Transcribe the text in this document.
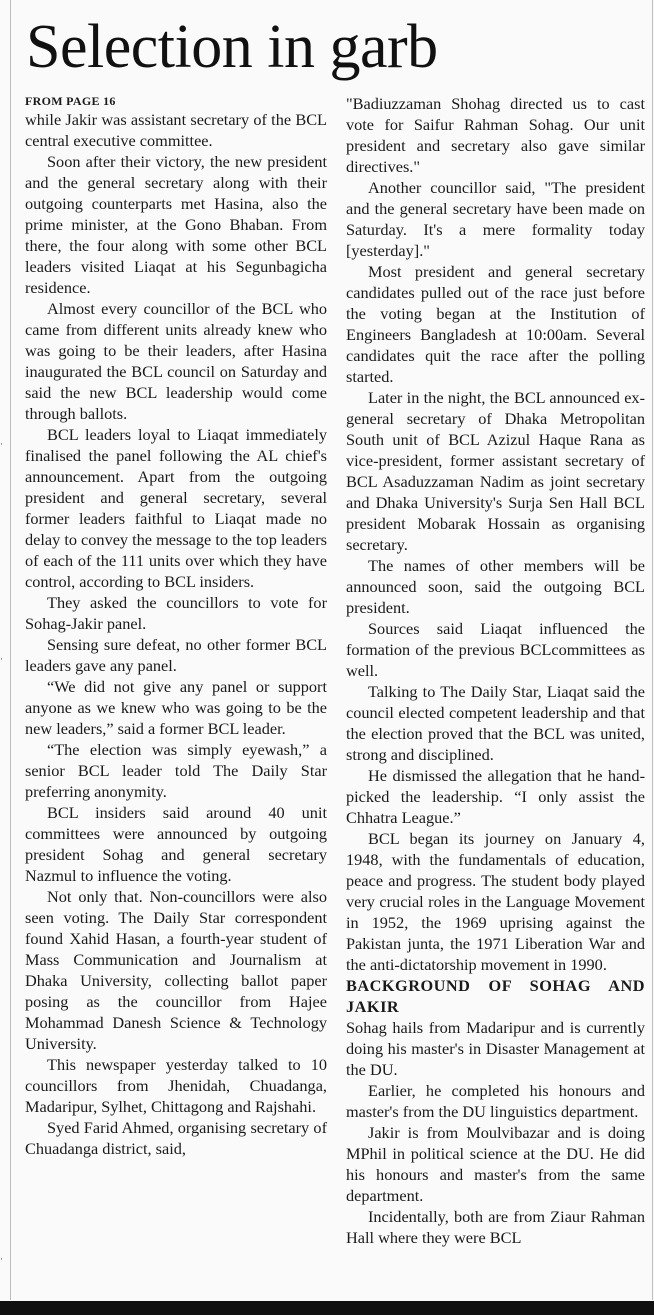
·
·
·
Selection in garb
FROM PAGE 16

while Jakir was assistant secretary of the BCL central executive committee.

Soon after their victory, the new president and the general secretary along with their outgoing counterparts met Hasina, also the prime minister, at the Gono Bhaban. From there, the four along with some other BCL leaders visited Liaqat at his Segunbagicha residence.

Almost every councillor of the BCL who came from different units already knew who was going to be their leaders, after Hasina inaugurated the BCL council on Saturday and said the new BCL leadership would come through ballots.

BCL leaders loyal to Liaqat immediately finalised the panel following the AL chief's announcement. Apart from the outgoing president and general secretary, several former leaders faithful to Liaqat made no delay to convey the message to the top leaders of each of the 111 units over which they have control, according to BCL insiders.

They asked the councillors to vote for Sohag-Jakir panel.

Sensing sure defeat, no other former BCL leaders gave any panel.

“We did not give any panel or support anyone as we knew who was going to be the new leaders,” said a former BCL leader.

“The election was simply eyewash,” a senior BCL leader told The Daily Star preferring anonymity.

BCL insiders said around 40 unit committees were announced by outgoing president Sohag and general secretary Nazmul to influence the voting.

Not only that. Non-councillors were also seen voting. The Daily Star correspondent found Xahid Hasan, a fourth-year student of Mass Communication and Journalism at Dhaka University, collecting ballot paper posing as the councillor from Hajee Mohammad Danesh Science & Technology University.

This newspaper yesterday talked to 10 councillors from Jhenidah, Chuadanga, Madaripur, Sylhet, Chittagong and Rajshahi.

Syed Farid Ahmed, organising secretary of Chuadanga district, said,

"Badiuzzaman Shohag directed us to cast vote for Saifur Rahman Sohag. Our unit president and secretary also gave similar directives."

Another councillor said, "The president and the general secretary have been made on Saturday. It's a mere formality today [yesterday]."

Most president and general secretary candidates pulled out of the race just before the voting began at the Institution of Engineers Bangladesh at 10:00am. Several candidates quit the race after the polling started.

Later in the night, the BCL announced ex-general secretary of Dhaka Metropolitan South unit of BCL Azizul Haque Rana as vice-president, former assistant secretary of BCL Asaduzzaman Nadim as joint secretary and Dhaka University's Surja Sen Hall BCL president Mobarak Hossain as organising secretary.

The names of other members will be announced soon, said the outgoing BCL president.

Sources said Liaqat influenced the formation of the previous BCLcommittees as well.

Talking to The Daily Star, Liaqat said the council elected competent leadership and that the election proved that the BCL was united, strong and disciplined.

He dismissed the allegation that he hand-picked the leadership. “I only assist the Chhatra League.”

BCL began its journey on January 4, 1948, with the fundamentals of education, peace and progress. The student body played very crucial roles in the Language Movement in 1952, the 1969 uprising against the Pakistan junta, the 1971 Liberation War and the anti-dictatorship movement in 1990.

BACKGROUND OF SOHAG AND JAKIR

Sohag hails from Madaripur and is currently doing his master's in Disaster Management at the DU.

Earlier, he completed his honours and master's from the DU linguistics department.

Jakir is from Moulvibazar and is doing MPhil in political science at the DU. He did his honours and master's from the same department.

Incidentally, both are from Ziaur Rahman Hall where they were BCL
